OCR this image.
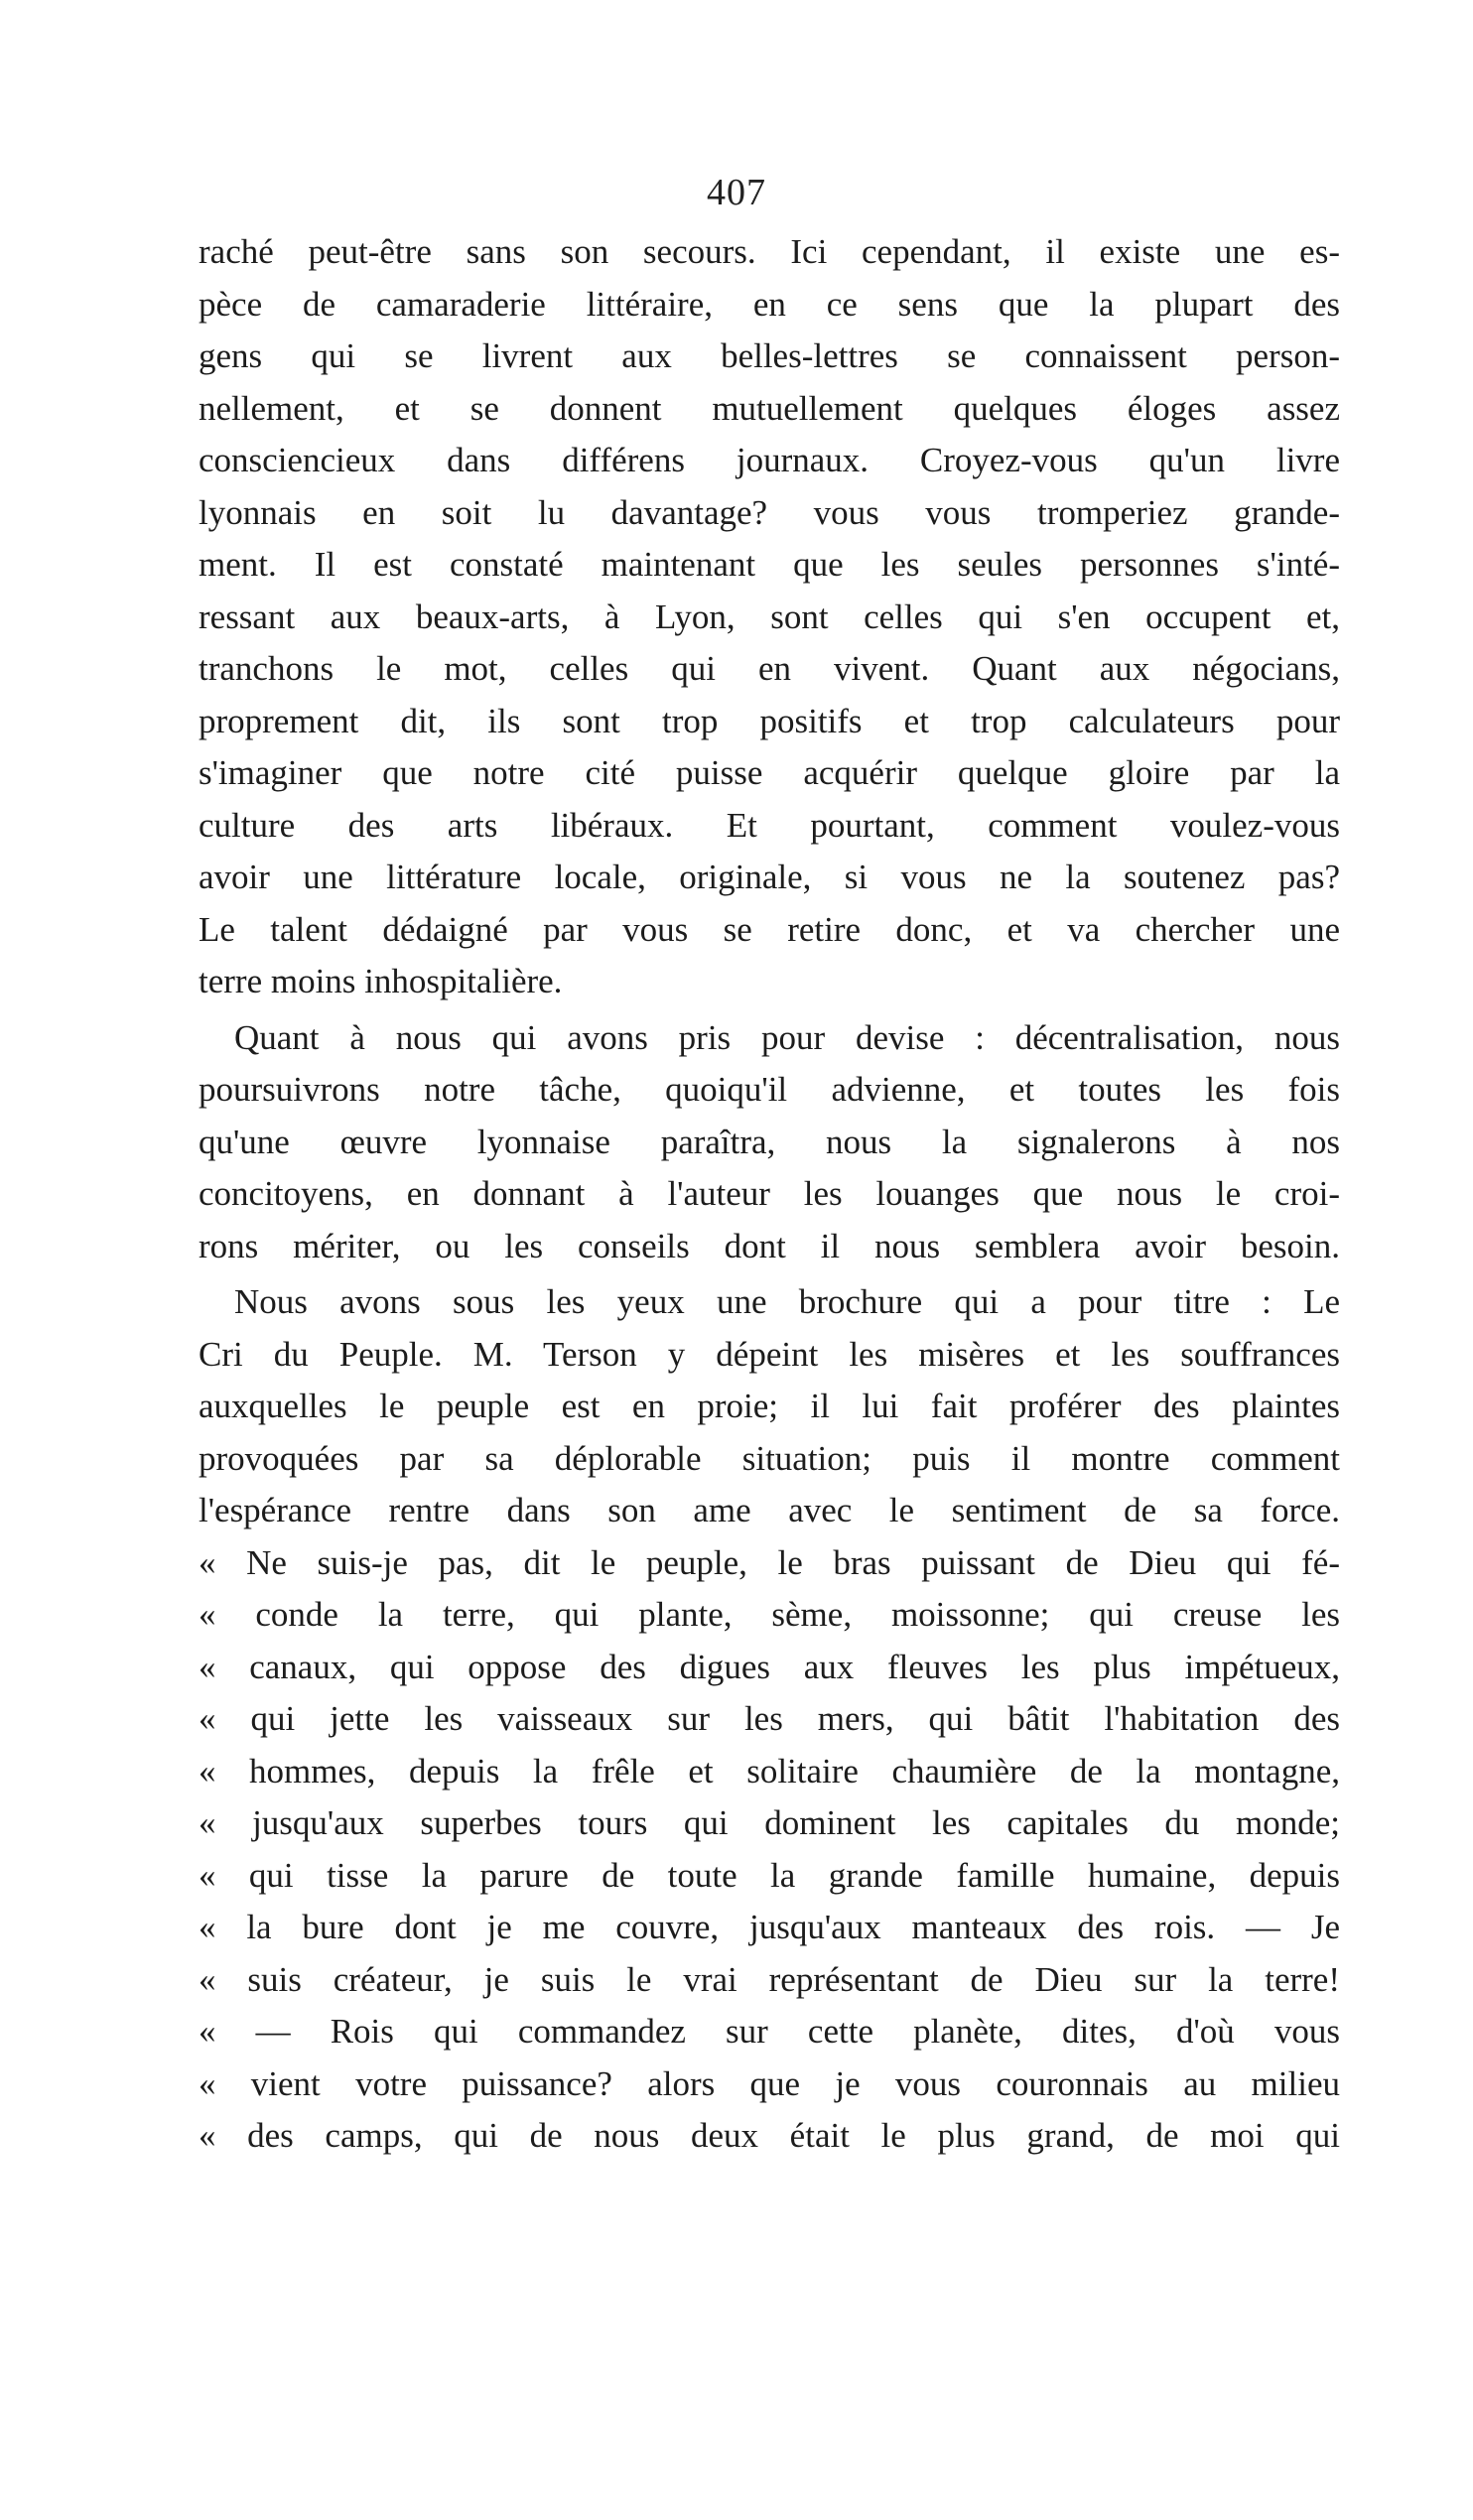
407
raché peut-être sans son secours. Ici cependant, il existe une es-
pèce de camaraderie littéraire, en ce sens que la plupart des
gens qui se livrent aux belles-lettres se connaissent person-
nellement, et se donnent mutuellement quelques éloges assez
consciencieux dans différens journaux. Croyez-vous qu'un livre
lyonnais en soit lu davantage? vous vous tromperiez grande-
ment. Il est constaté maintenant que les seules personnes s'inté-
ressant aux beaux-arts, à Lyon, sont celles qui s'en occupent et,
tranchons le mot, celles qui en vivent. Quant aux négocians,
proprement dit, ils sont trop positifs et trop calculateurs pour
s'imaginer que notre cité puisse acquérir quelque gloire par la
culture des arts libéraux. Et pourtant, comment voulez-vous
avoir une littérature locale, originale, si vous ne la soutenez pas?
Le talent dédaigné par vous se retire donc, et va chercher une
terre moins inhospitalière.
Quant à nous qui avons pris pour devise : décentralisation, nous
poursuivrons notre tâche, quoiqu'il advienne, et toutes les fois
qu'une œuvre lyonnaise paraîtra, nous la signalerons à nos
concitoyens, en donnant à l'auteur les louanges que nous le croi-
rons mériter, ou les conseils dont il nous semblera avoir besoin.
Nous avons sous les yeux une brochure qui a pour titre : Le
Cri du Peuple. M. Terson y dépeint les misères et les souffrances
auxquelles le peuple est en proie; il lui fait proférer des plaintes
provoquées par sa déplorable situation; puis il montre comment
l'espérance rentre dans son ame avec le sentiment de sa force.
« Ne suis-je pas, dit le peuple, le bras puissant de Dieu qui fé-
« conde la terre, qui plante, sème, moissonne; qui creuse les
« canaux, qui oppose des digues aux fleuves les plus impétueux,
« qui jette les vaisseaux sur les mers, qui bâtit l'habitation des
« hommes, depuis la frêle et solitaire chaumière de la montagne,
« jusqu'aux superbes tours qui dominent les capitales du monde;
« qui tisse la parure de toute la grande famille humaine, depuis
« la bure dont je me couvre, jusqu'aux manteaux des rois. — Je
« suis créateur, je suis le vrai représentant de Dieu sur la terre!
« — Rois qui commandez sur cette planète, dites, d'où vous
« vient votre puissance? alors que je vous couronnais au milieu
« des camps, qui de nous deux était le plus grand, de moi qui
